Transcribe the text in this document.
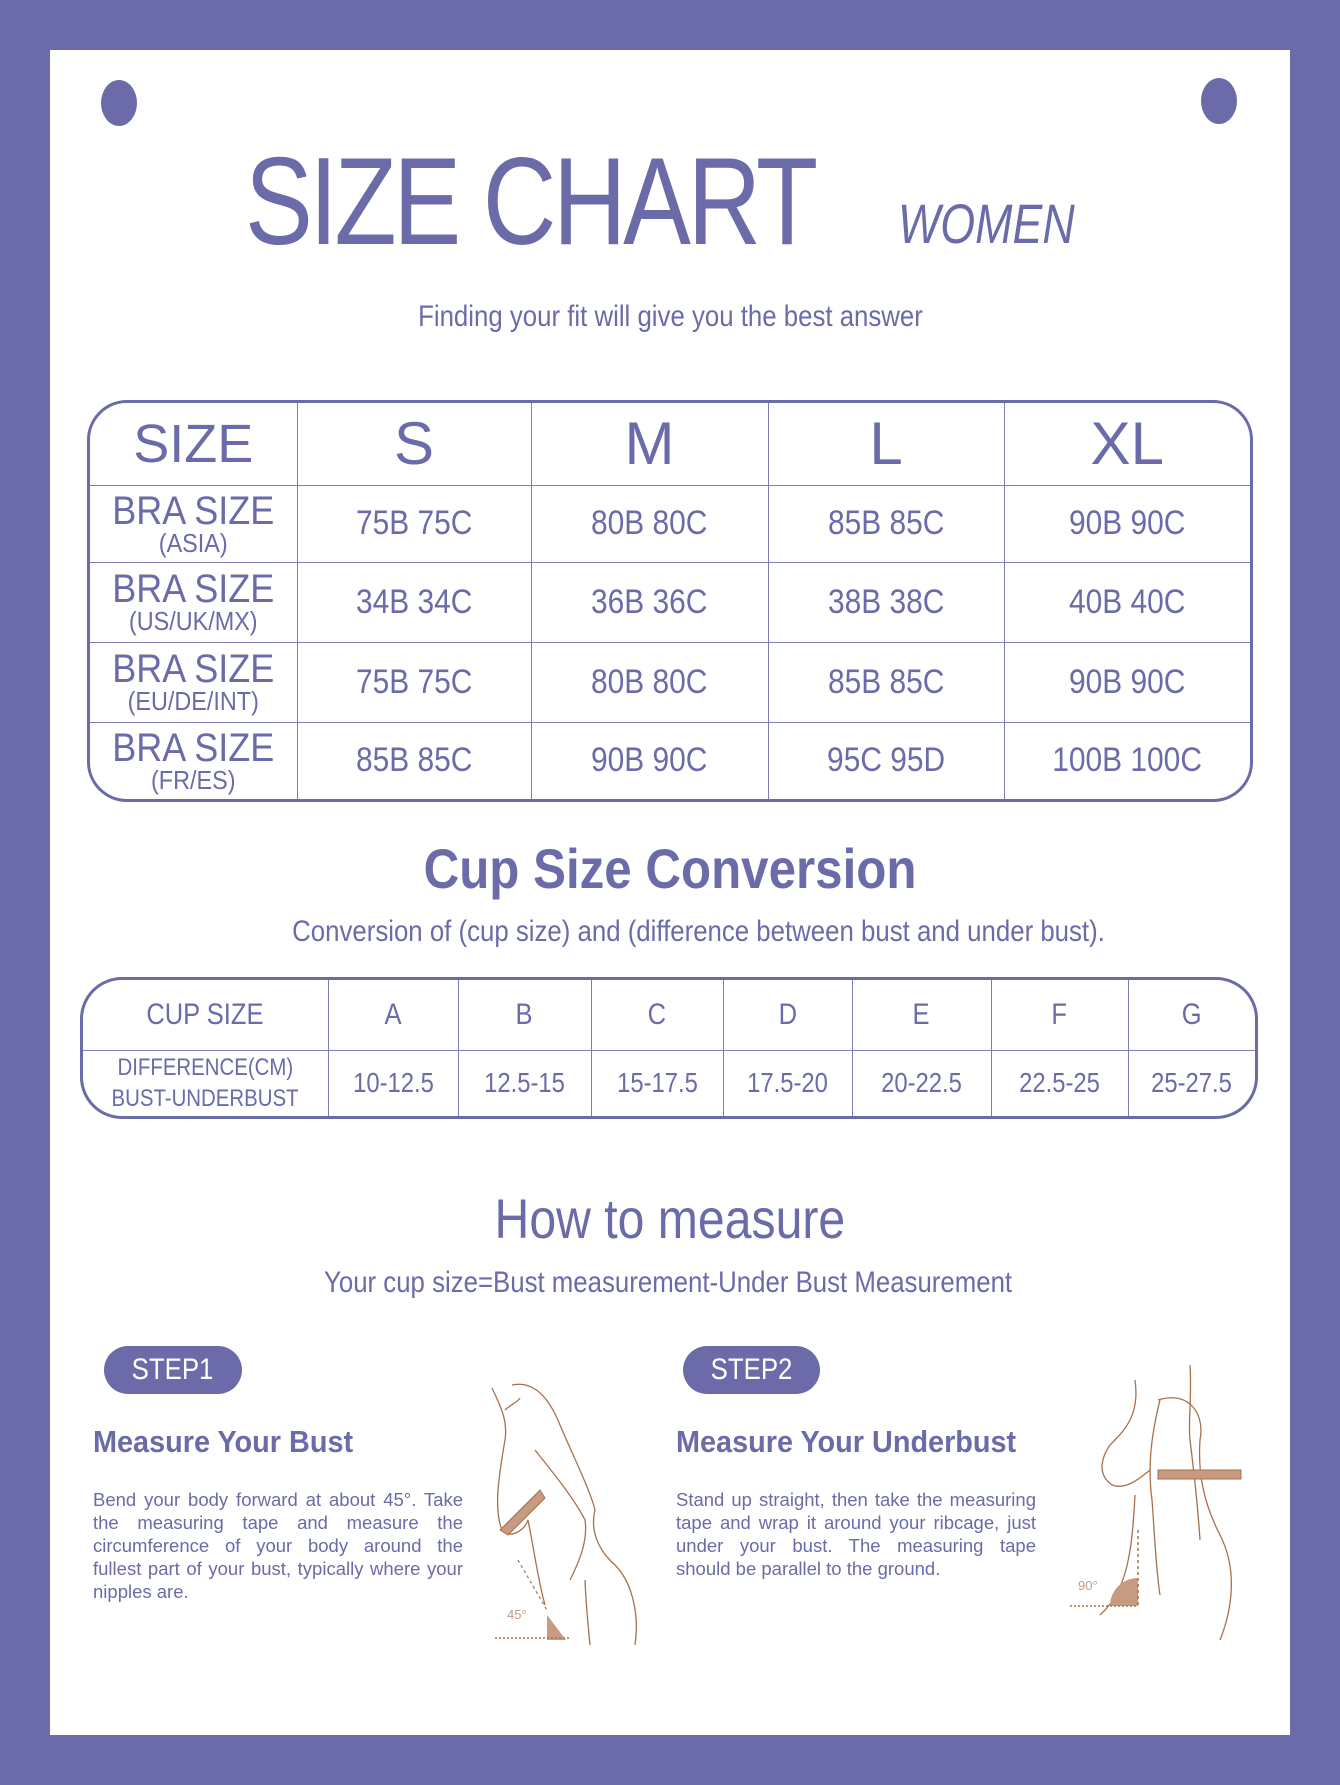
SIZE CHART WOMEN
Finding your fit will give you the best answer
SIZE	S	M	L	XL

BRA SIZE
(ASIA)	75B 75C	80B 80C	85B 85C	90B 90C

BRA SIZE
(US/UK/MX)	34B 34C	36B 36C	38B 38C	40B 40C

BRA SIZE
(EU/DE/INT)	75B 75C	80B 80C	85B 85C	90B 90C

BRA SIZE
(FR/ES)	85B 85C	90B 90C	95C 95D	100B 100C
Cup Size Conversion
Conversion of (cup size) and (difference between bust and under bust).
CUP SIZE	A	B	C	D	E	F	G
DIFFERENCE(CM)
BUST-UNDERBUST	10-12.5	12.5-15	15-17.5	17.5-20	20-22.5	22.5-25	25-27.5
How to measure
Your cup size=Bust measurement-Under Bust Measurement
STEP1
Measure Your Bust
Bend your body forward at about 45°. Take the measuring tape and measure the circumference of your body around the fullest part of your bust, typically where your nipples are.
45°
STEP2
Measure Your Underbust
Stand up straight, then take the measuring tape and wrap it around your ribcage, just under your bust. The measuring tape should be parallel to the ground.
90°
